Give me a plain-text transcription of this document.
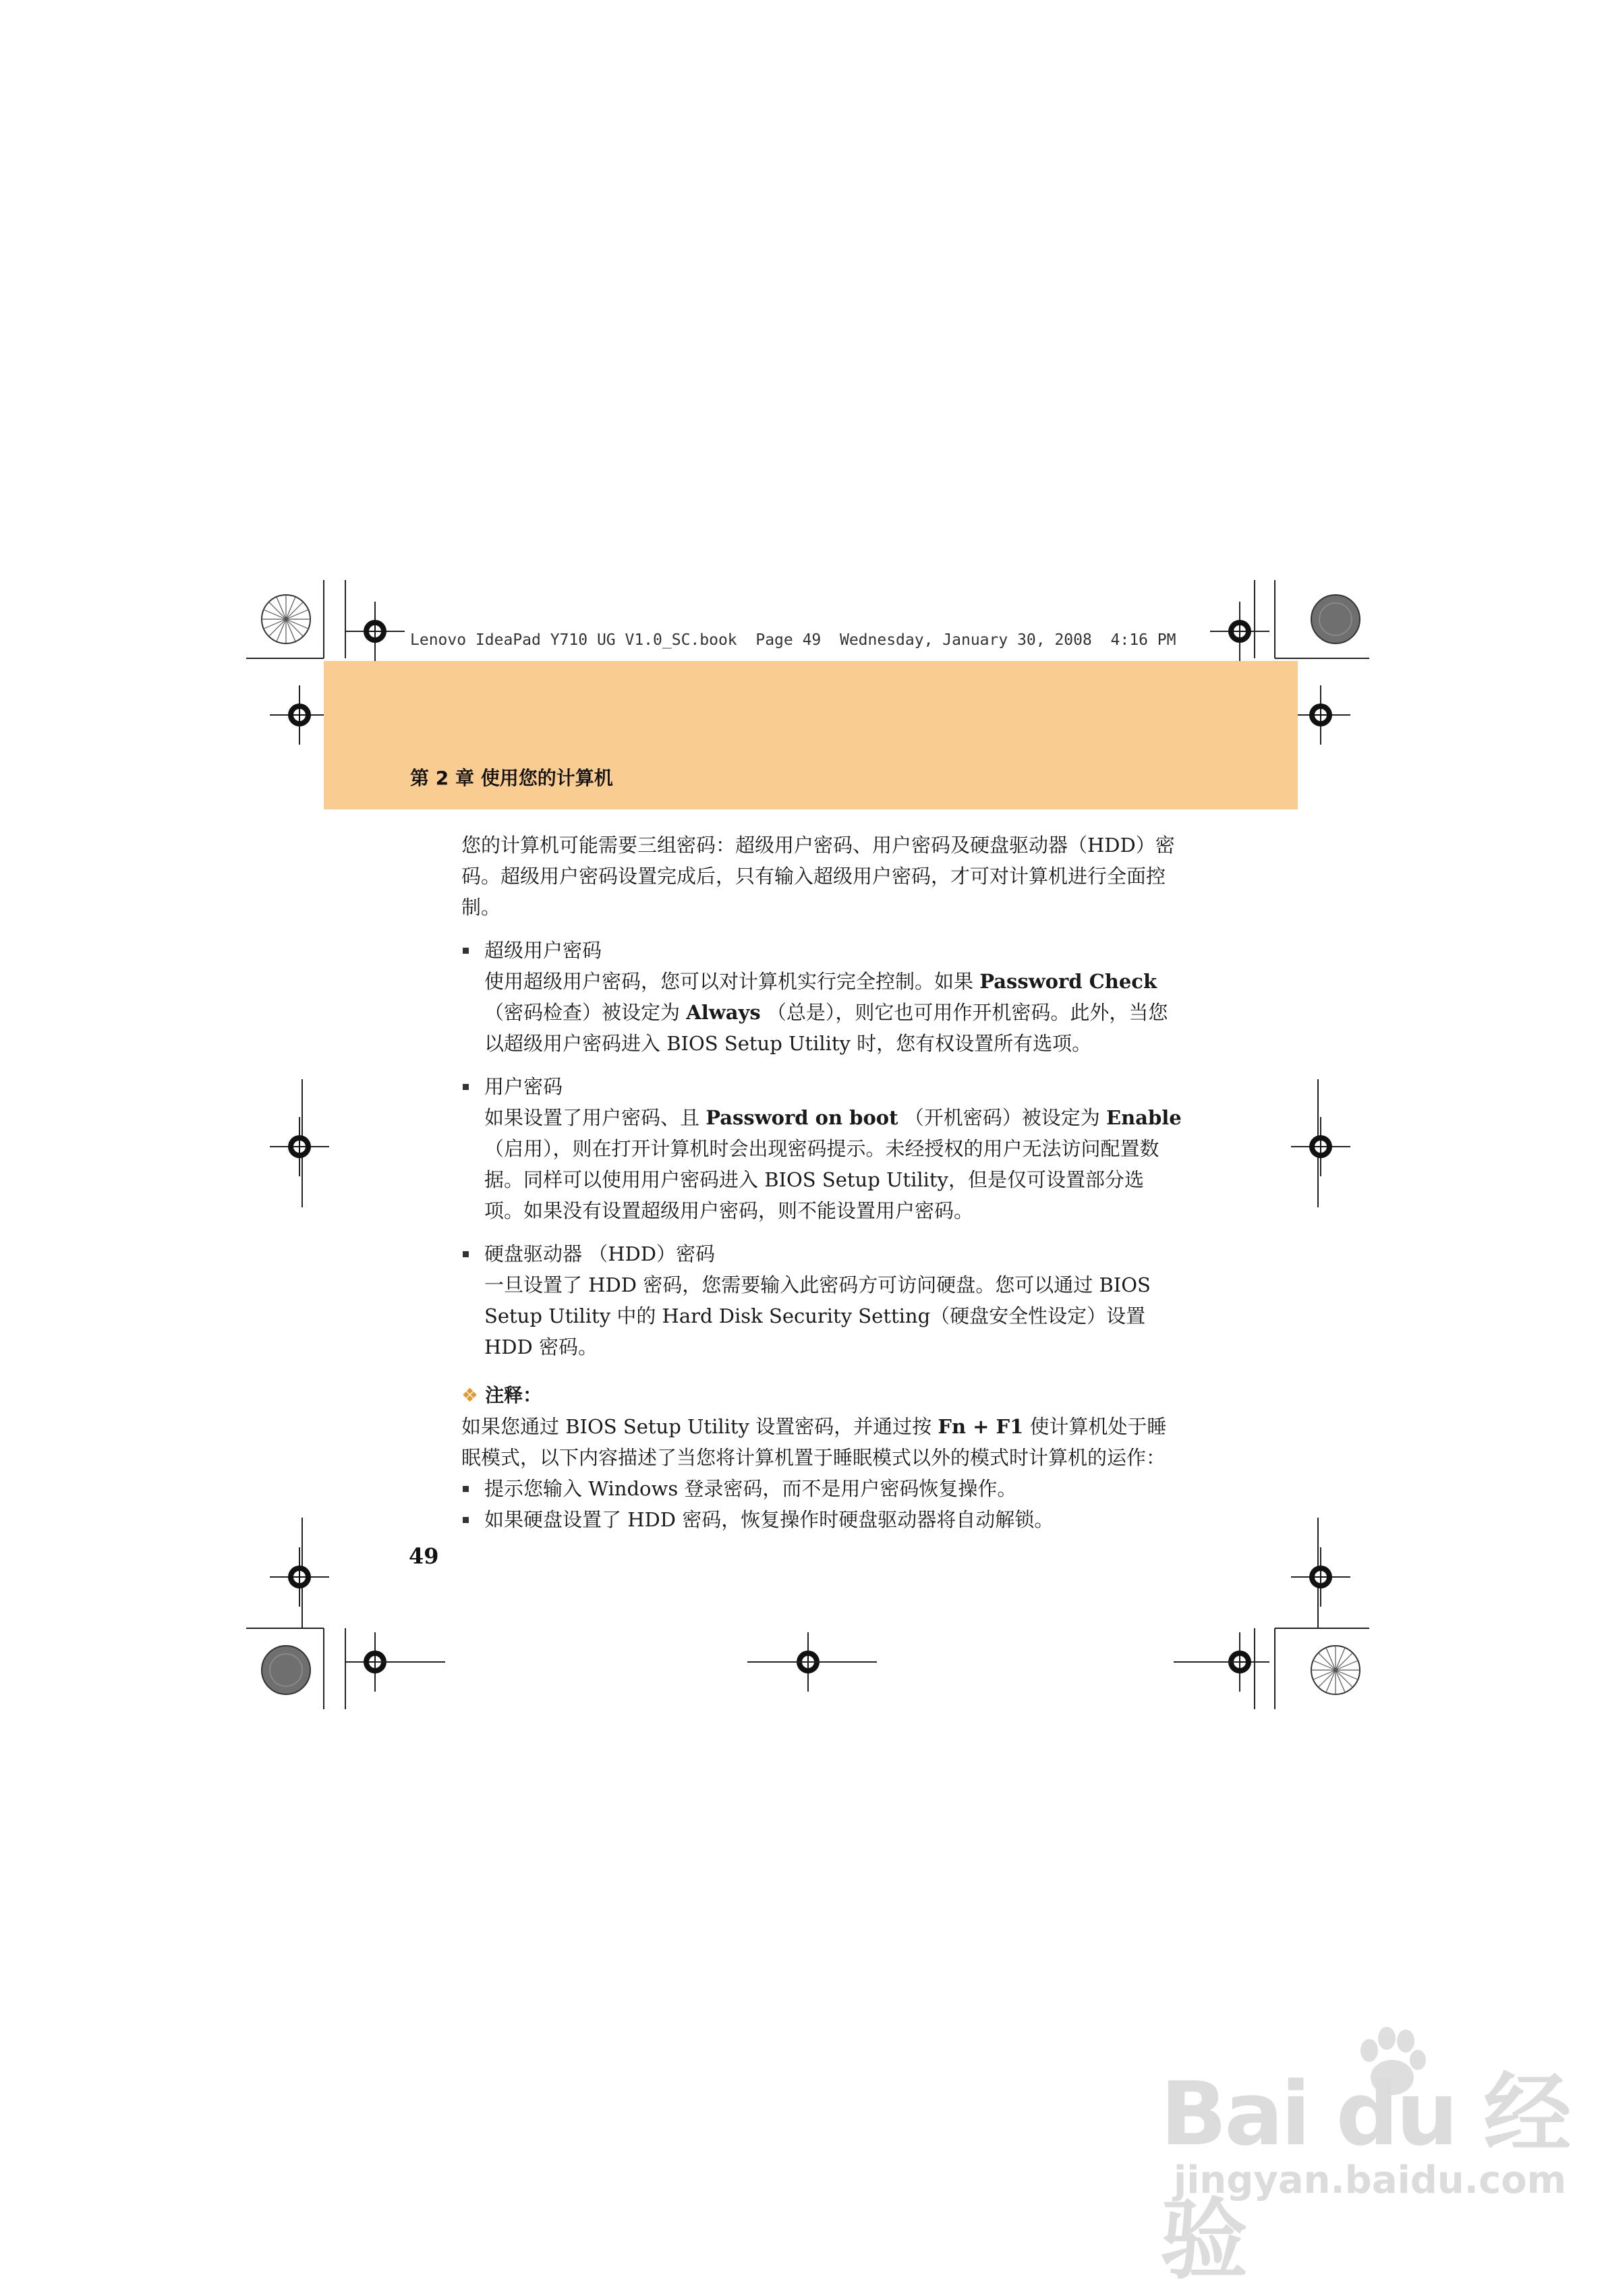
Lenovo IdeaPad Y710 UG V1.0_SC.book  Page 49  Wednesday, January 30, 2008  4:16 PM
第 2 章 使用您的计算机

您的计算机可能需要三组密码：超级用户密码、用户密码及硬盘驱动器（HDD）密码。超级用户密码设置完成后，只有输入超级用户密码，才可对计算机进行全面控制。

超级用户密码

使用超级用户密码，您可以对计算机实行完全控制。如果 Password Check（密码检查）被设定为 Always （总是），则它也可用作开机密码。此外，当您以超级用户密码进入 BIOS Setup Utility 时，您有权设置所有选项。

用户密码

如果设置了用户密码、且 Password on boot （开机密码）被设定为 Enable（启用），则在打开计算机时会出现密码提示。未经授权的用户无法访问配置数据。同样可以使用用户密码进入 BIOS Setup Utility，但是仅可设置部分选项。如果没有设置超级用户密码，则不能设置用户密码。

硬盘驱动器 （HDD）密码

一旦设置了 HDD 密码，您需要输入此密码方可访问硬盘。您可以通过 BIOS Setup Utility 中的 Hard Disk Security Setting（硬盘安全性设定）设置 HDD 密码。

❖ 注释：

如果您通过 BIOS Setup Utility 设置密码，并通过按 Fn + F1 使计算机处于睡眠模式，以下内容描述了当您将计算机置于睡眠模式以外的模式时计算机的运作：

提示您输入 Windows 登录密码，而不是用户密码恢复操作。
如果硬盘设置了 HDD 密码，恢复操作时硬盘驱动器将自动解锁。
49
Bai du 经验
jingyan.baidu.com
